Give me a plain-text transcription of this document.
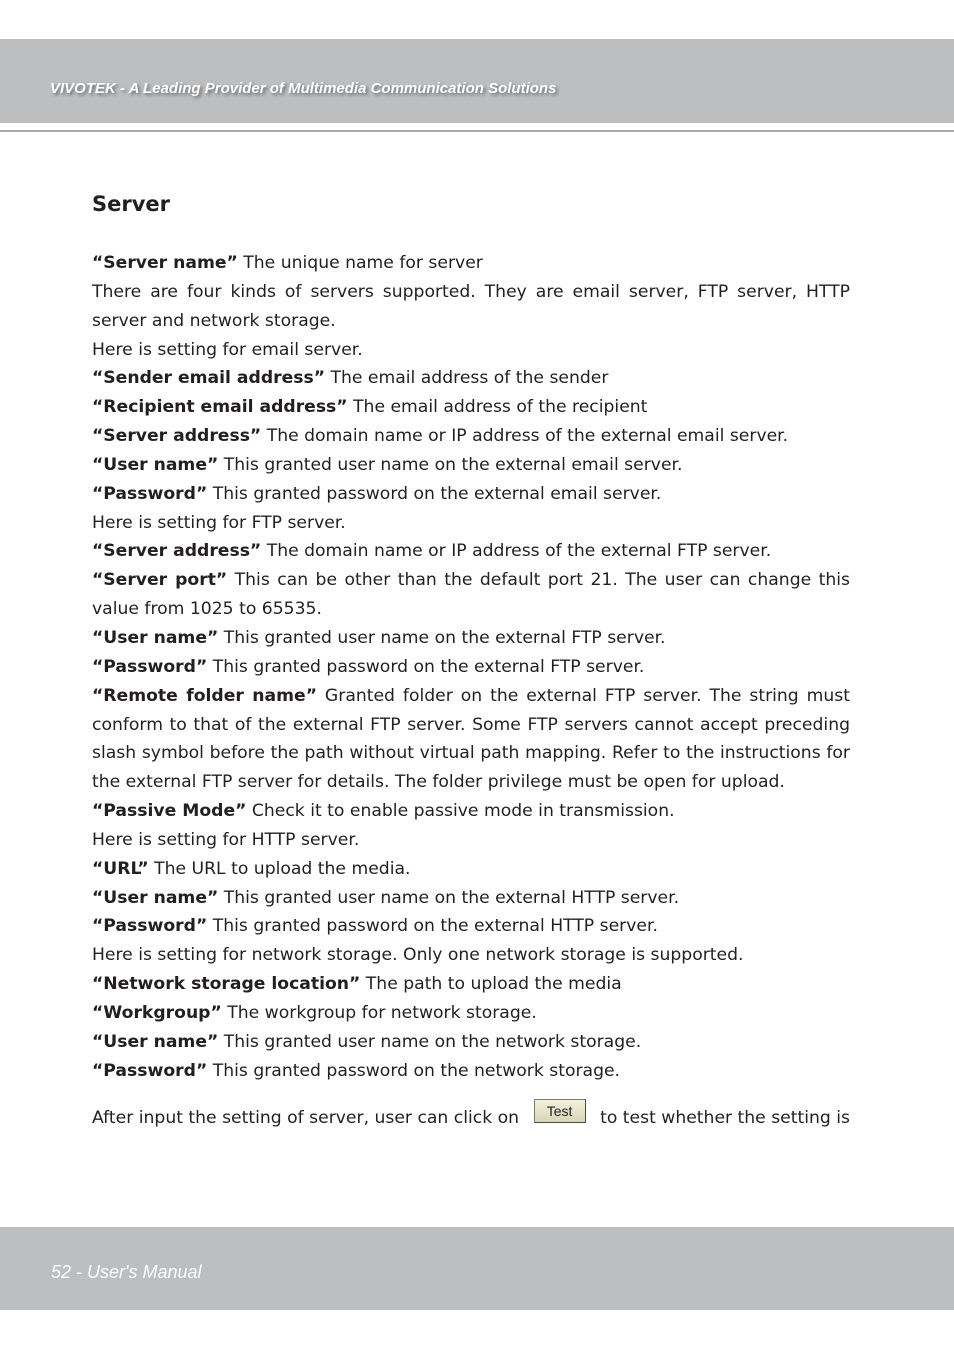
VIVOTEK - A Leading Provider of Multimedia Communication Solutions
Server

“Server name” The unique name for server

There are four kinds of servers supported. They are email server, FTP server, HTTP server and network storage.

Here is setting for email server.

“Sender email address” The email address of the sender

“Recipient email address” The email address of the recipient

“Server address” The domain name or IP address of the external email server.

“User name” This granted user name on the external email server.

“Password” This granted password on the external email server.

Here is setting for FTP server.

“Server address” The domain name or IP address of the external FTP server.

“Server port” This can be other than the default port 21. The user can change this value from 1025 to 65535.

“User name” This granted user name on the external FTP server.

“Password” This granted password on the external FTP server.

“Remote folder name” Granted folder on the external FTP server. The string must conform to that of the external FTP server. Some FTP servers cannot accept preceding slash symbol before the path without virtual path mapping. Refer to the instructions for the external FTP server for details. The folder privilege must be open for upload.

“Passive Mode” Check it to enable passive mode in transmission.

Here is setting for HTTP server.

“URL” The URL to upload the media.

“User name” This granted user name on the external HTTP server.

“Password” This granted password on the external HTTP server.

Here is setting for network storage. Only one network storage is supported.

“Network storage location” The path to upload the media

“Workgroup” The workgroup for network storage.

“User name” This granted user name on the network storage.

“Password” This granted password on the network storage.

After input the setting of server, user can click on	Test	to test whether the setting is

52 - User's Manual
